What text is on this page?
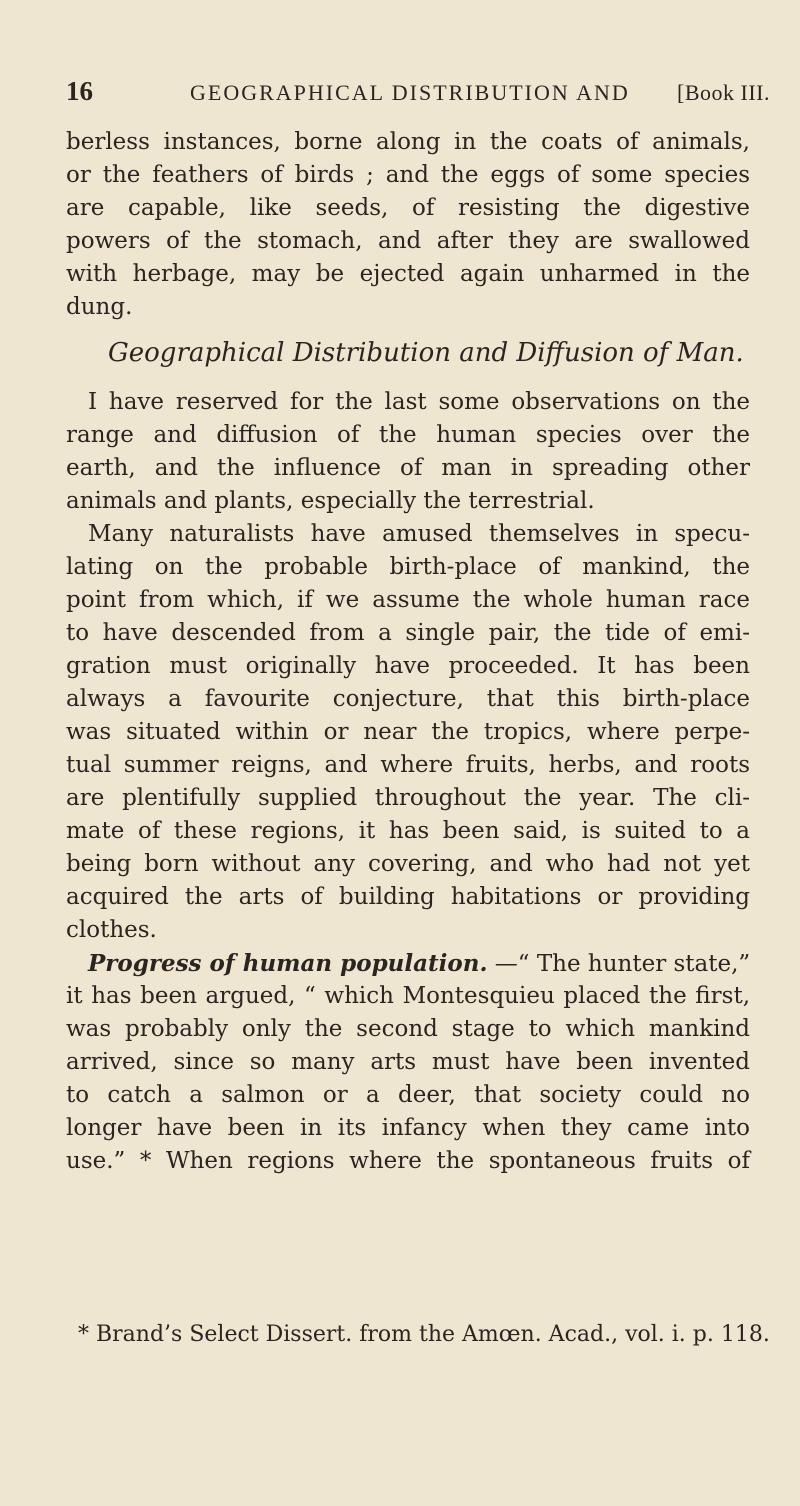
16	GEOGRAPHICAL DISTRIBUTION AND [Book III.
berless instances, borne along in the coats of animals,
or the feathers of birds ; and the eggs of some species
are capable, like seeds, of resisting the digestive
powers of the stomach, and after they are swallowed
with herbage, may be ejected again unharmed in the
dung.
Geographical Distribution and Diffusion of Man.
I have reserved for the last some observations on the
range and diffusion of the human species over the
earth, and the influence of man in spreading other
animals and plants, especially the terrestrial.
Many naturalists have amused themselves in specu-
lating on the probable birth-place of mankind, the
point from which, if we assume the whole human race
to have descended from a single pair, the tide of emi-
gration must originally have proceeded. It has been
always a favourite conjecture, that this birth-place
was situated within or near the tropics, where perpe-
tual summer reigns, and where fruits, herbs, and roots
are plentifully supplied throughout the year. The cli-
mate of these regions, it has been said, is suited to a
being born without any covering, and who had not yet
acquired the arts of building habitations or providing
clothes.
Progress of human population. —“ The hunter state,”
it has been argued, “ which Montesquieu placed the first,
was probably only the second stage to which mankind
arrived, since so many arts must have been invented
to catch a salmon or a deer, that society could no
longer have been in its infancy when they came into
use.” * When regions where the spontaneous fruits of
* Brand’s Select Dissert. from the Amœn. Acad., vol. i. p. 118.
